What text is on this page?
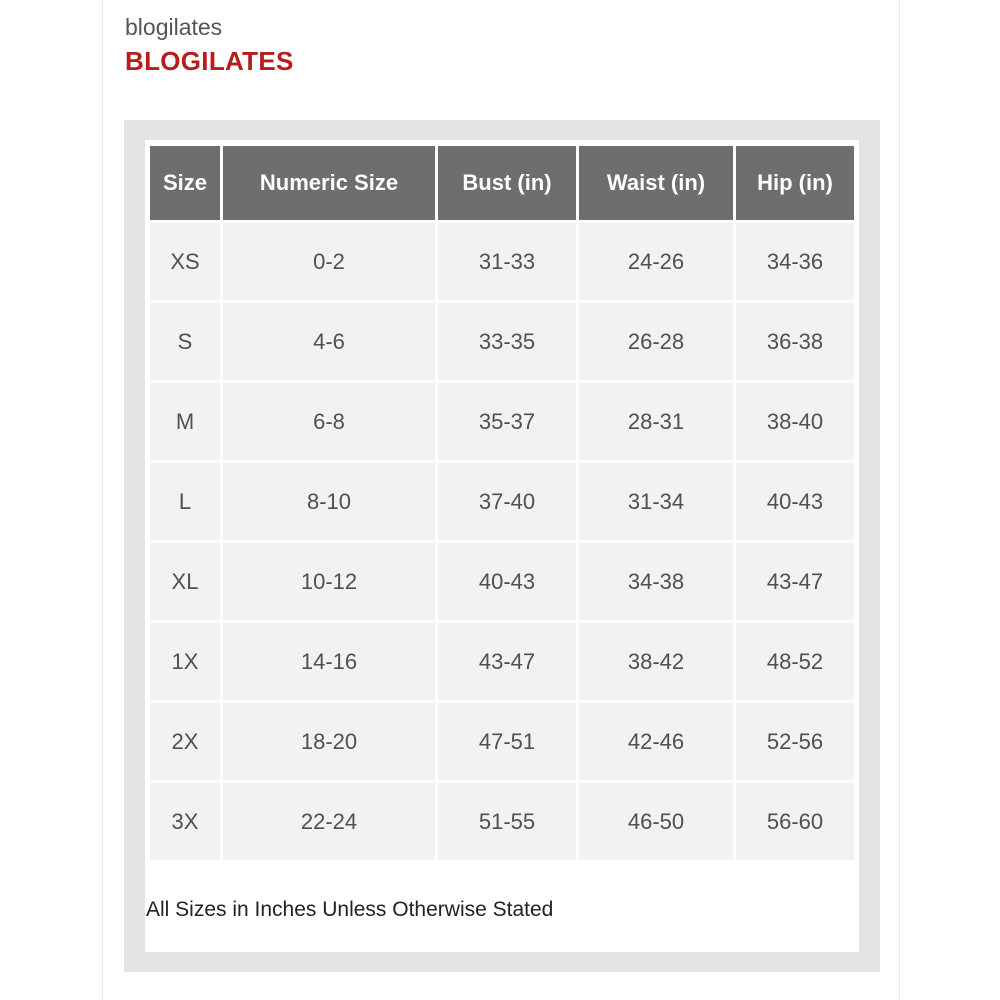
blogilates
BLOGILATES
Size	Numeric Size	Bust (in)	Waist (in)	Hip (in)
XS	0-2	31-33	24-26	34-36
S	4-6	33-35	26-28	36-38
M	6-8	35-37	28-31	38-40
L	8-10	37-40	31-34	40-43
XL	10-12	40-43	34-38	43-47
1X	14-16	43-47	38-42	48-52
2X	18-20	47-51	42-46	52-56
3X	22-24	51-55	46-50	56-60
All Sizes in Inches Unless Otherwise Stated
